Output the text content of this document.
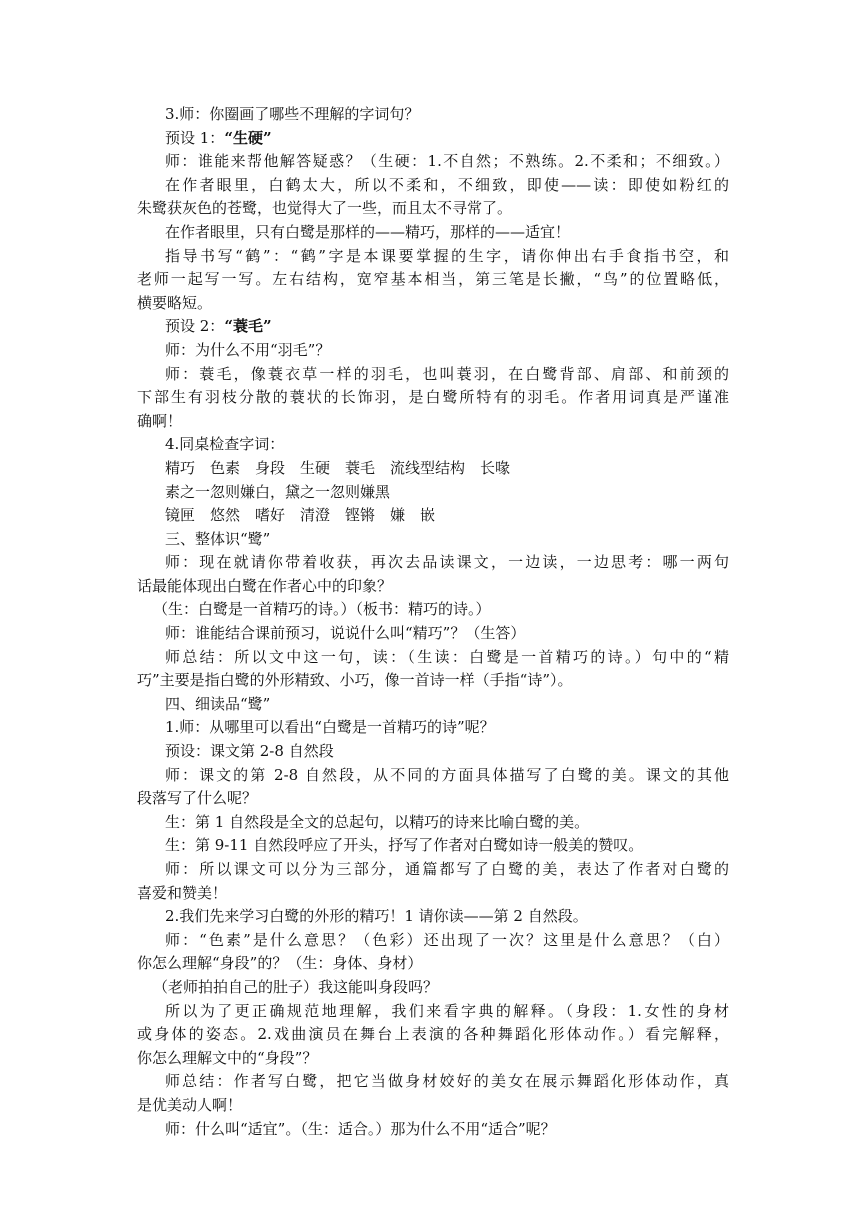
3.师：你圈画了哪些不理解的字词句？
预设 1：“生硬”
师：谁能来帮他解答疑惑？（生硬：1.不自然；不熟练。2.不柔和；不细致。）
在作者眼里，白鹤太大，所以不柔和，不细致，即使——读：即使如粉红的
朱鹭获灰色的苍鹭，也觉得大了一些，而且太不寻常了。
在作者眼里，只有白鹭是那样的——精巧，那样的——适宜！
指导书写“鹤”：“鹤”字是本课要掌握的生字，请你伸出右手食指书空，和
老师一起写一写。左右结构，宽窄基本相当，第三笔是长撇，“鸟”的位置略低，
横要略短。
预设 2：“蓑毛”
师：为什么不用“羽毛”？
师：蓑毛，像蓑衣草一样的羽毛，也叫蓑羽，在白鹭背部、肩部、和前颈的
下部生有羽枝分散的蓑状的长饰羽，是白鹭所特有的羽毛。作者用词真是严谨准
确啊！
4.同桌检查字词：
精巧　色素　身段　生硬　蓑毛　流线型结构　长喙
素之一忽则嫌白，黛之一忽则嫌黑
镜匣　悠然　嗜好　清澄　铿锵　嫌　嵌
三、整体识“鹭”
师：现在就请你带着收获，再次去品读课文，一边读，一边思考：哪一两句
话最能体现出白鹭在作者心中的印象？
（生：白鹭是一首精巧的诗。）（板书：精巧的诗。）
师：谁能结合课前预习，说说什么叫“精巧”？（生答）
师总结：所以文中这一句，读：（生读：白鹭是一首精巧的诗。）句中的“精
巧”主要是指白鹭的外形精致、小巧，像一首诗一样（手指“诗”）。
四、细读品“鹭”
1.师：从哪里可以看出“白鹭是一首精巧的诗”呢？
预设：课文第 2-8 自然段
师：课文的第 2-8 自然段，从不同的方面具体描写了白鹭的美。课文的其他
段落写了什么呢？
生：第 1 自然段是全文的总起句，以精巧的诗来比喻白鹭的美。
生：第 9-11 自然段呼应了开头，抒写了作者对白鹭如诗一般美的赞叹。
师：所以课文可以分为三部分，通篇都写了白鹭的美，表达了作者对白鹭的
喜爱和赞美！
2.我们先来学习白鹭的外形的精巧！1 请你读——第 2 自然段。
师：“色素”是什么意思？（色彩）还出现了一次？这里是什么意思？（白）
你怎么理解“身段”的？（生：身体、身材）
（老师拍拍自己的肚子）我这能叫身段吗？
所以为了更正确规范地理解，我们来看字典的解释。（身段：1.女性的身材
或身体的姿态。2.戏曲演员在舞台上表演的各种舞蹈化形体动作。）看完解释，
你怎么理解文中的“身段”？
师总结：作者写白鹭，把它当做身材姣好的美女在展示舞蹈化形体动作，真
是优美动人啊！
师：什么叫“适宜”。（生：适合。）那为什么不用“适合”呢？
